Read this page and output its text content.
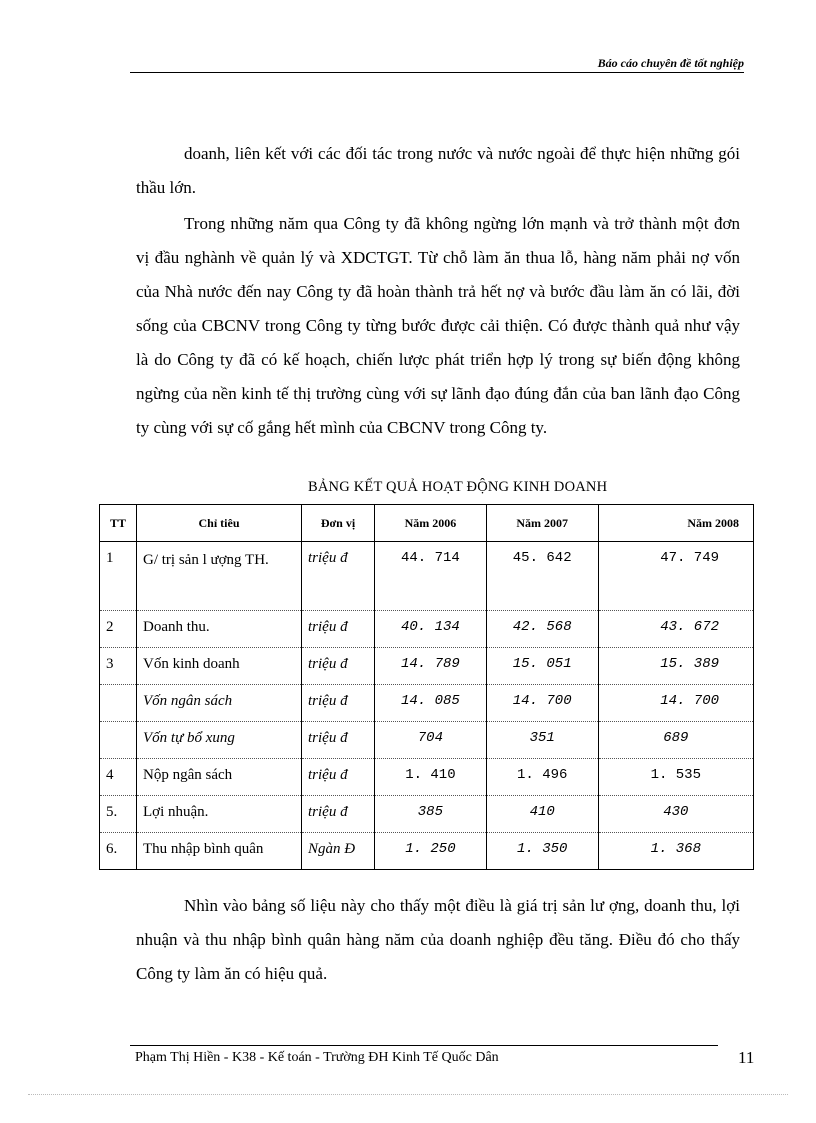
Báo cáo chuyên đề tốt nghiệp
doanh, liên kết với các đối tác trong nước và nước ngoài để thực hiện những gói thầu lớn.
Trong những năm qua Công ty đã không ngừng lớn mạnh và trở thành một đơn vị đầu nghành về quản lý và XDCTGT. Từ chỗ làm ăn thua lỗ, hàng năm phải nợ vốn của Nhà nước đến nay Công ty đã hoàn thành trả hết nợ và bước đầu làm ăn có lãi, đời sống của CBCNV trong Công ty từng bước được cải thiện. Có được thành quả như vậy là do Công ty đã có kế hoạch, chiến lược phát triển hợp lý trong sự biến động không ngừng của nền kinh tế thị trường cùng với sự lãnh đạo đúng đắn của ban lãnh đạo Công ty cùng với sự cố gắng hết mình của CBCNV trong Công ty.
BẢNG KẾT QUẢ HOẠT ĐỘNG KINH DOANH
TT	Chỉ tiêu	Đơn vị	Năm 2006	Năm 2007	Năm 2008
1	G/ trị sản l ượng TH.	triệu đ	44. 714	45. 642	47. 749
2	Doanh thu.	triệu đ	40. 134	42. 568	43. 672
3	Vốn kinh doanh	triệu đ	14. 789	15. 051	15. 389
	Vốn ngân sách	triệu đ	14. 085	14. 700	14. 700
	Vốn tự bổ xung	triệu đ	704	351	689
4	Nộp ngân sách	triệu đ	1. 410	1. 496	1. 535
5.	Lợi nhuận.	triệu đ	385	410	430
6.	Thu nhập bình quân	Ngàn Đ	1. 250	1. 350	1. 368
Nhìn vào bảng số liệu này cho thấy một điều là giá trị sản lư ợng, doanh thu, lợi nhuận và thu nhập bình quân hàng năm của doanh nghiệp đều tăng. Điều đó cho thấy Công ty làm ăn có hiệu quả.
Phạm Thị Hiền - K38 - Kế toán - Trường ĐH Kinh Tế Quốc Dân	11
